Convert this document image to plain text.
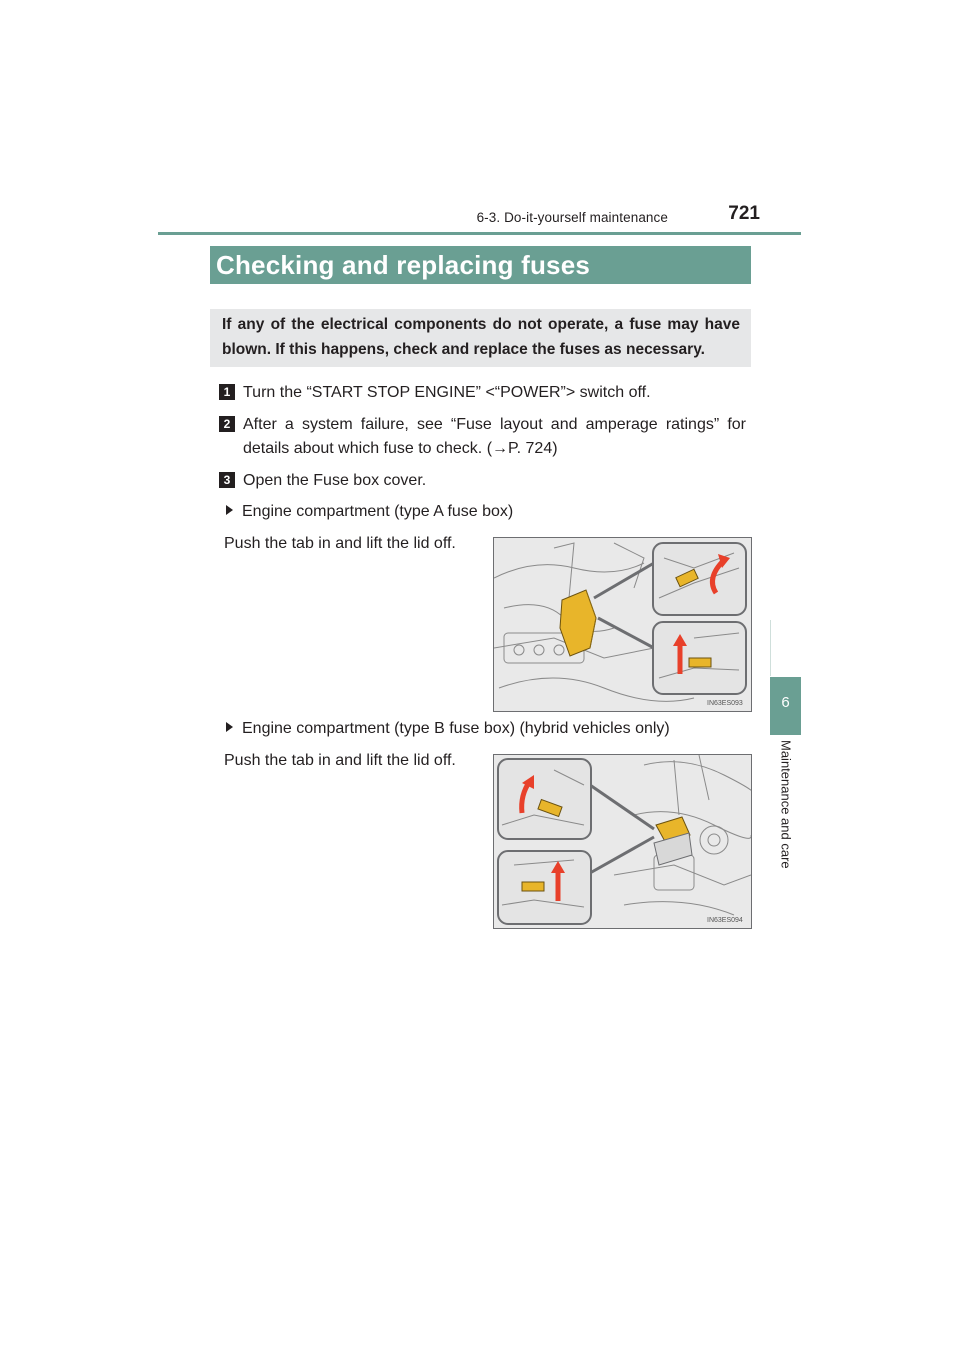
6-3. Do-it-yourself maintenance	721
6
Maintenance and care
Checking and replacing fuses
If any of the electrical components do not operate, a fuse may have blown. If this happens, check and replace the fuses as necessary.
1 Turn the “START STOP ENGINE” <“POWER”> switch off.
2 After a system failure, see “Fuse layout and amperage ratings” for details about which fuse to check. (→P. 724)
3 Open the Fuse box cover.
Engine compartment (type A fuse box)
Push the tab in and lift the lid off.
IN63ES093
Engine compartment (type B fuse box) (hybrid vehicles only)
Push the tab in and lift the lid off.
IN63ES094
